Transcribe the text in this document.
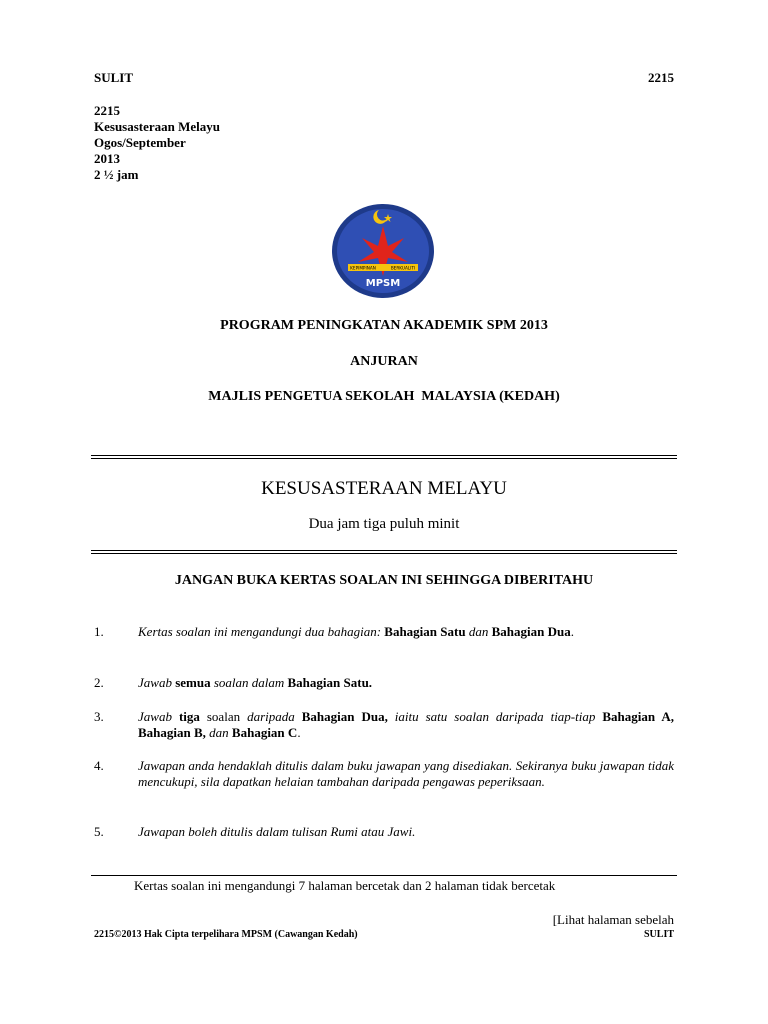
SULIT	2215
2215
Kesusasteraan Melayu
Ogos/September
2013
2 ½ jam
KEPIMPINAN	BERKUALITI
MPSM
PROGRAM PENINGKATAN AKADEMIK SPM 2013
ANJURAN
MAJLIS PENGETUA SEKOLAH  MALAYSIA (KEDAH)
KESUSASTERAAN MELAYU
Dua jam tiga puluh minit
JANGAN BUKA KERTAS SOALAN INI SEHINGGA DIBERITAHU
1.	Kertas soalan ini mengandungi dua bahagian: Bahagian Satu dan Bahagian Dua.
2.	Jawab semua soalan dalam Bahagian Satu.
3.	Jawab tiga soalan daripada Bahagian Dua, iaitu satu soalan daripada tiap-tiap Bahagian A, Bahagian B, dan Bahagian C.
4.	Jawapan anda hendaklah ditulis dalam buku jawapan yang disediakan. Sekiranya buku jawapan tidak mencukupi, sila dapatkan helaian tambahan daripada pengawas peperiksaan.
5.	Jawapan boleh ditulis dalam tulisan Rumi atau Jawi.
Kertas soalan ini mengandungi 7 halaman bercetak dan 2 halaman tidak bercetak
[Lihat halaman sebelah
2215©2013 Hak Cipta terpelihara MPSM (Cawangan Kedah)	SULIT
